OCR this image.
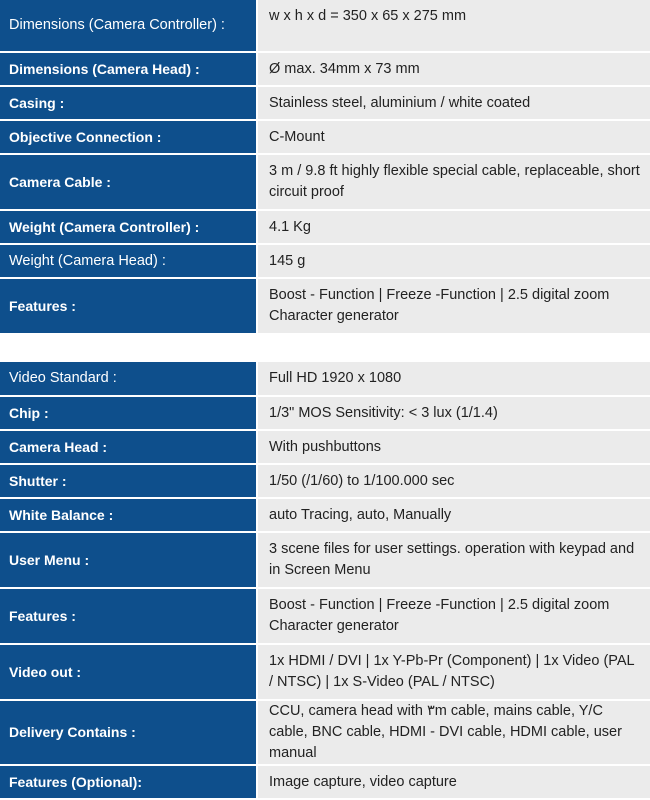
Dimensions (Camera Controller) :	w x h x d = 350 x 65 x 275 mm
Dimensions (Camera Head) :	Ø max. 34mm x 73 mm
Casing :	Stainless steel, aluminium / white coated
Objective Connection :	C-Mount
Camera Cable :	3 m / 9.8 ft highly flexible special cable, replaceable, short circuit proof
Weight (Camera Controller) :	4.1 Kg
Weight (Camera Head) :	145 g
Features :	Boost - Function | Freeze -Function | 2.5 digital zoom Character generator
Video Standard :	Full HD 1920 x 1080
Chip :	1/3" MOS Sensitivity: < 3 lux (1/1.4)
Camera Head :	With pushbuttons
Shutter :	1/50 (/1/60) to 1/100.000 sec
White Balance :	auto Tracing, auto, Manually
User Menu :	3 scene files for user settings. operation with keypad and in Screen Menu
Features :	Boost - Function | Freeze -Function | 2.5 digital zoom Character generator
Video out :	1x HDMI / DVI | 1x Y-Pb-Pr (Component) | 1x Video (PAL / NTSC) | 1x S-Video (PAL / NTSC)
Delivery Contains :	CCU, camera head with ٣m cable, mains cable, Y/C cable, BNC cable, HDMI - DVI cable, HDMI cable, user manual
Features (Optional):	Image capture, video capture
